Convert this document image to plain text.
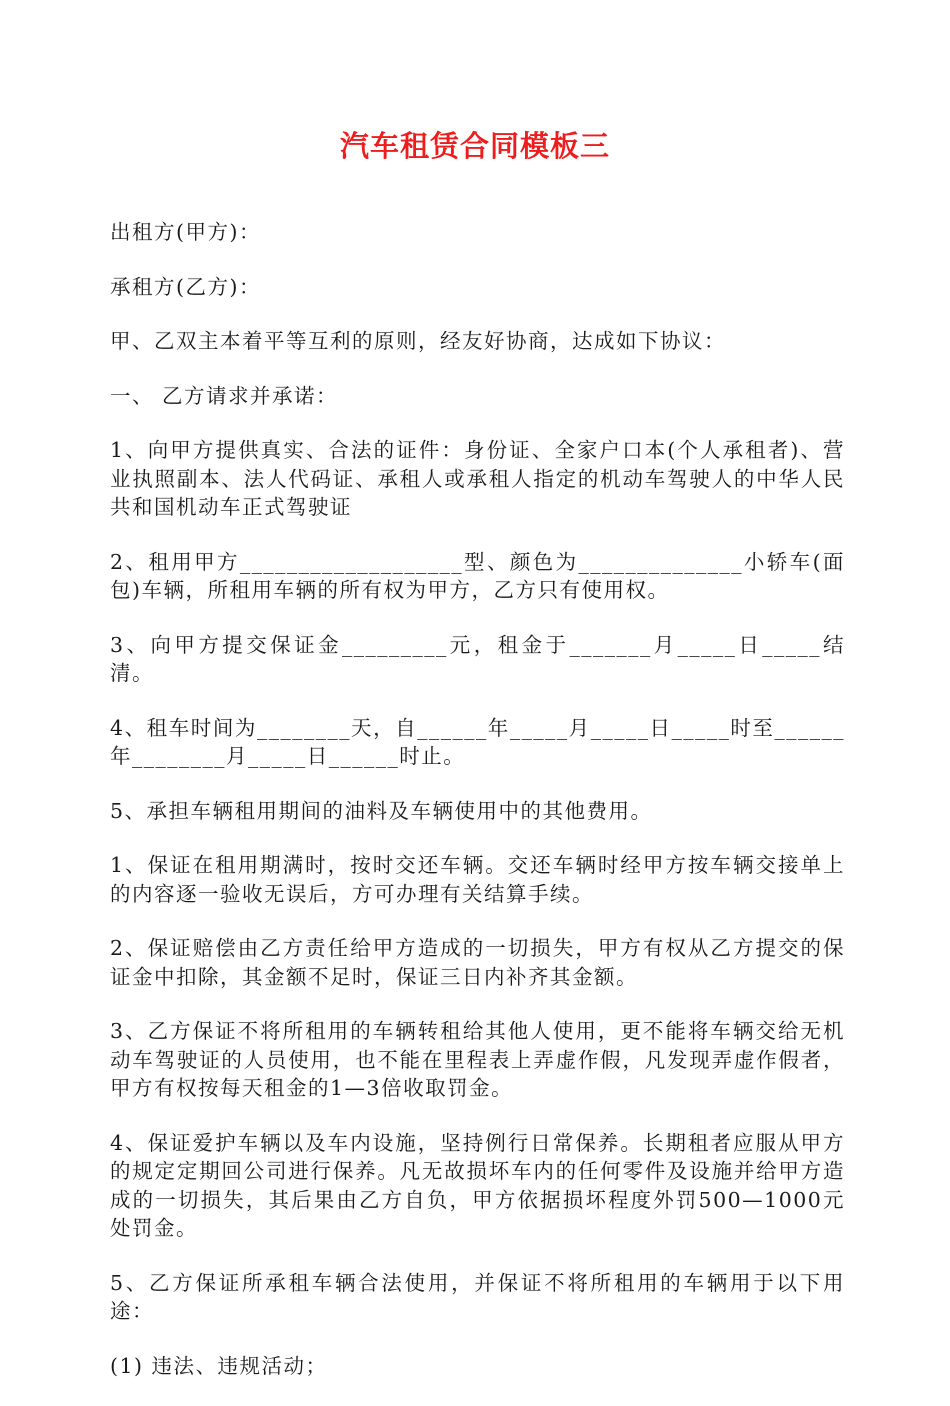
汽车租赁合同模板三

出租方(甲方)：

承租方(乙方)：

甲、乙双主本着平等互利的原则，经友好协商，达成如下协议：

一、 乙方请求并承诺：

1、向甲方提供真实、合法的证件：身份证、全家户口本(个人承租者)、营业执照副本、法人代码证、承租人或承租人指定的机动车驾驶人的中华人民共和国机动车正式驾驶证

2、租用甲方___________________型、颜色为______________小轿车(面包)车辆，所租用车辆的所有权为甲方，乙方只有使用权。

3、向甲方提交保证金_________元，租金于_______月_____日_____结清。

4、租车时间为________天，自______年_____月_____日_____时至______年________月_____日______时止。

5、承担车辆租用期间的油料及车辆使用中的其他费用。

1、保证在租用期满时，按时交还车辆。交还车辆时经甲方按车辆交接单上的内容逐一验收无误后，方可办理有关结算手续。

2、保证赔偿由乙方责任给甲方造成的一切损失，甲方有权从乙方提交的保证金中扣除，其金额不足时，保证三日内补齐其金额。

3、乙方保证不将所租用的车辆转租给其他人使用，更不能将车辆交给无机动车驾驶证的人员使用，也不能在里程表上弄虚作假，凡发现弄虚作假者，甲方有权按每天租金的1—3倍收取罚金。

4、保证爱护车辆以及车内设施，坚持例行日常保养。长期租者应服从甲方的规定定期回公司进行保养。凡无故损坏车内的任何零件及设施并给甲方造成的一切损失，其后果由乙方自负，甲方依据损坏程度外罚500—1000元处罚金。

5、乙方保证所承租车辆合法使用，并保证不将所租用的车辆用于以下用途：

(1) 违法、违规活动；
